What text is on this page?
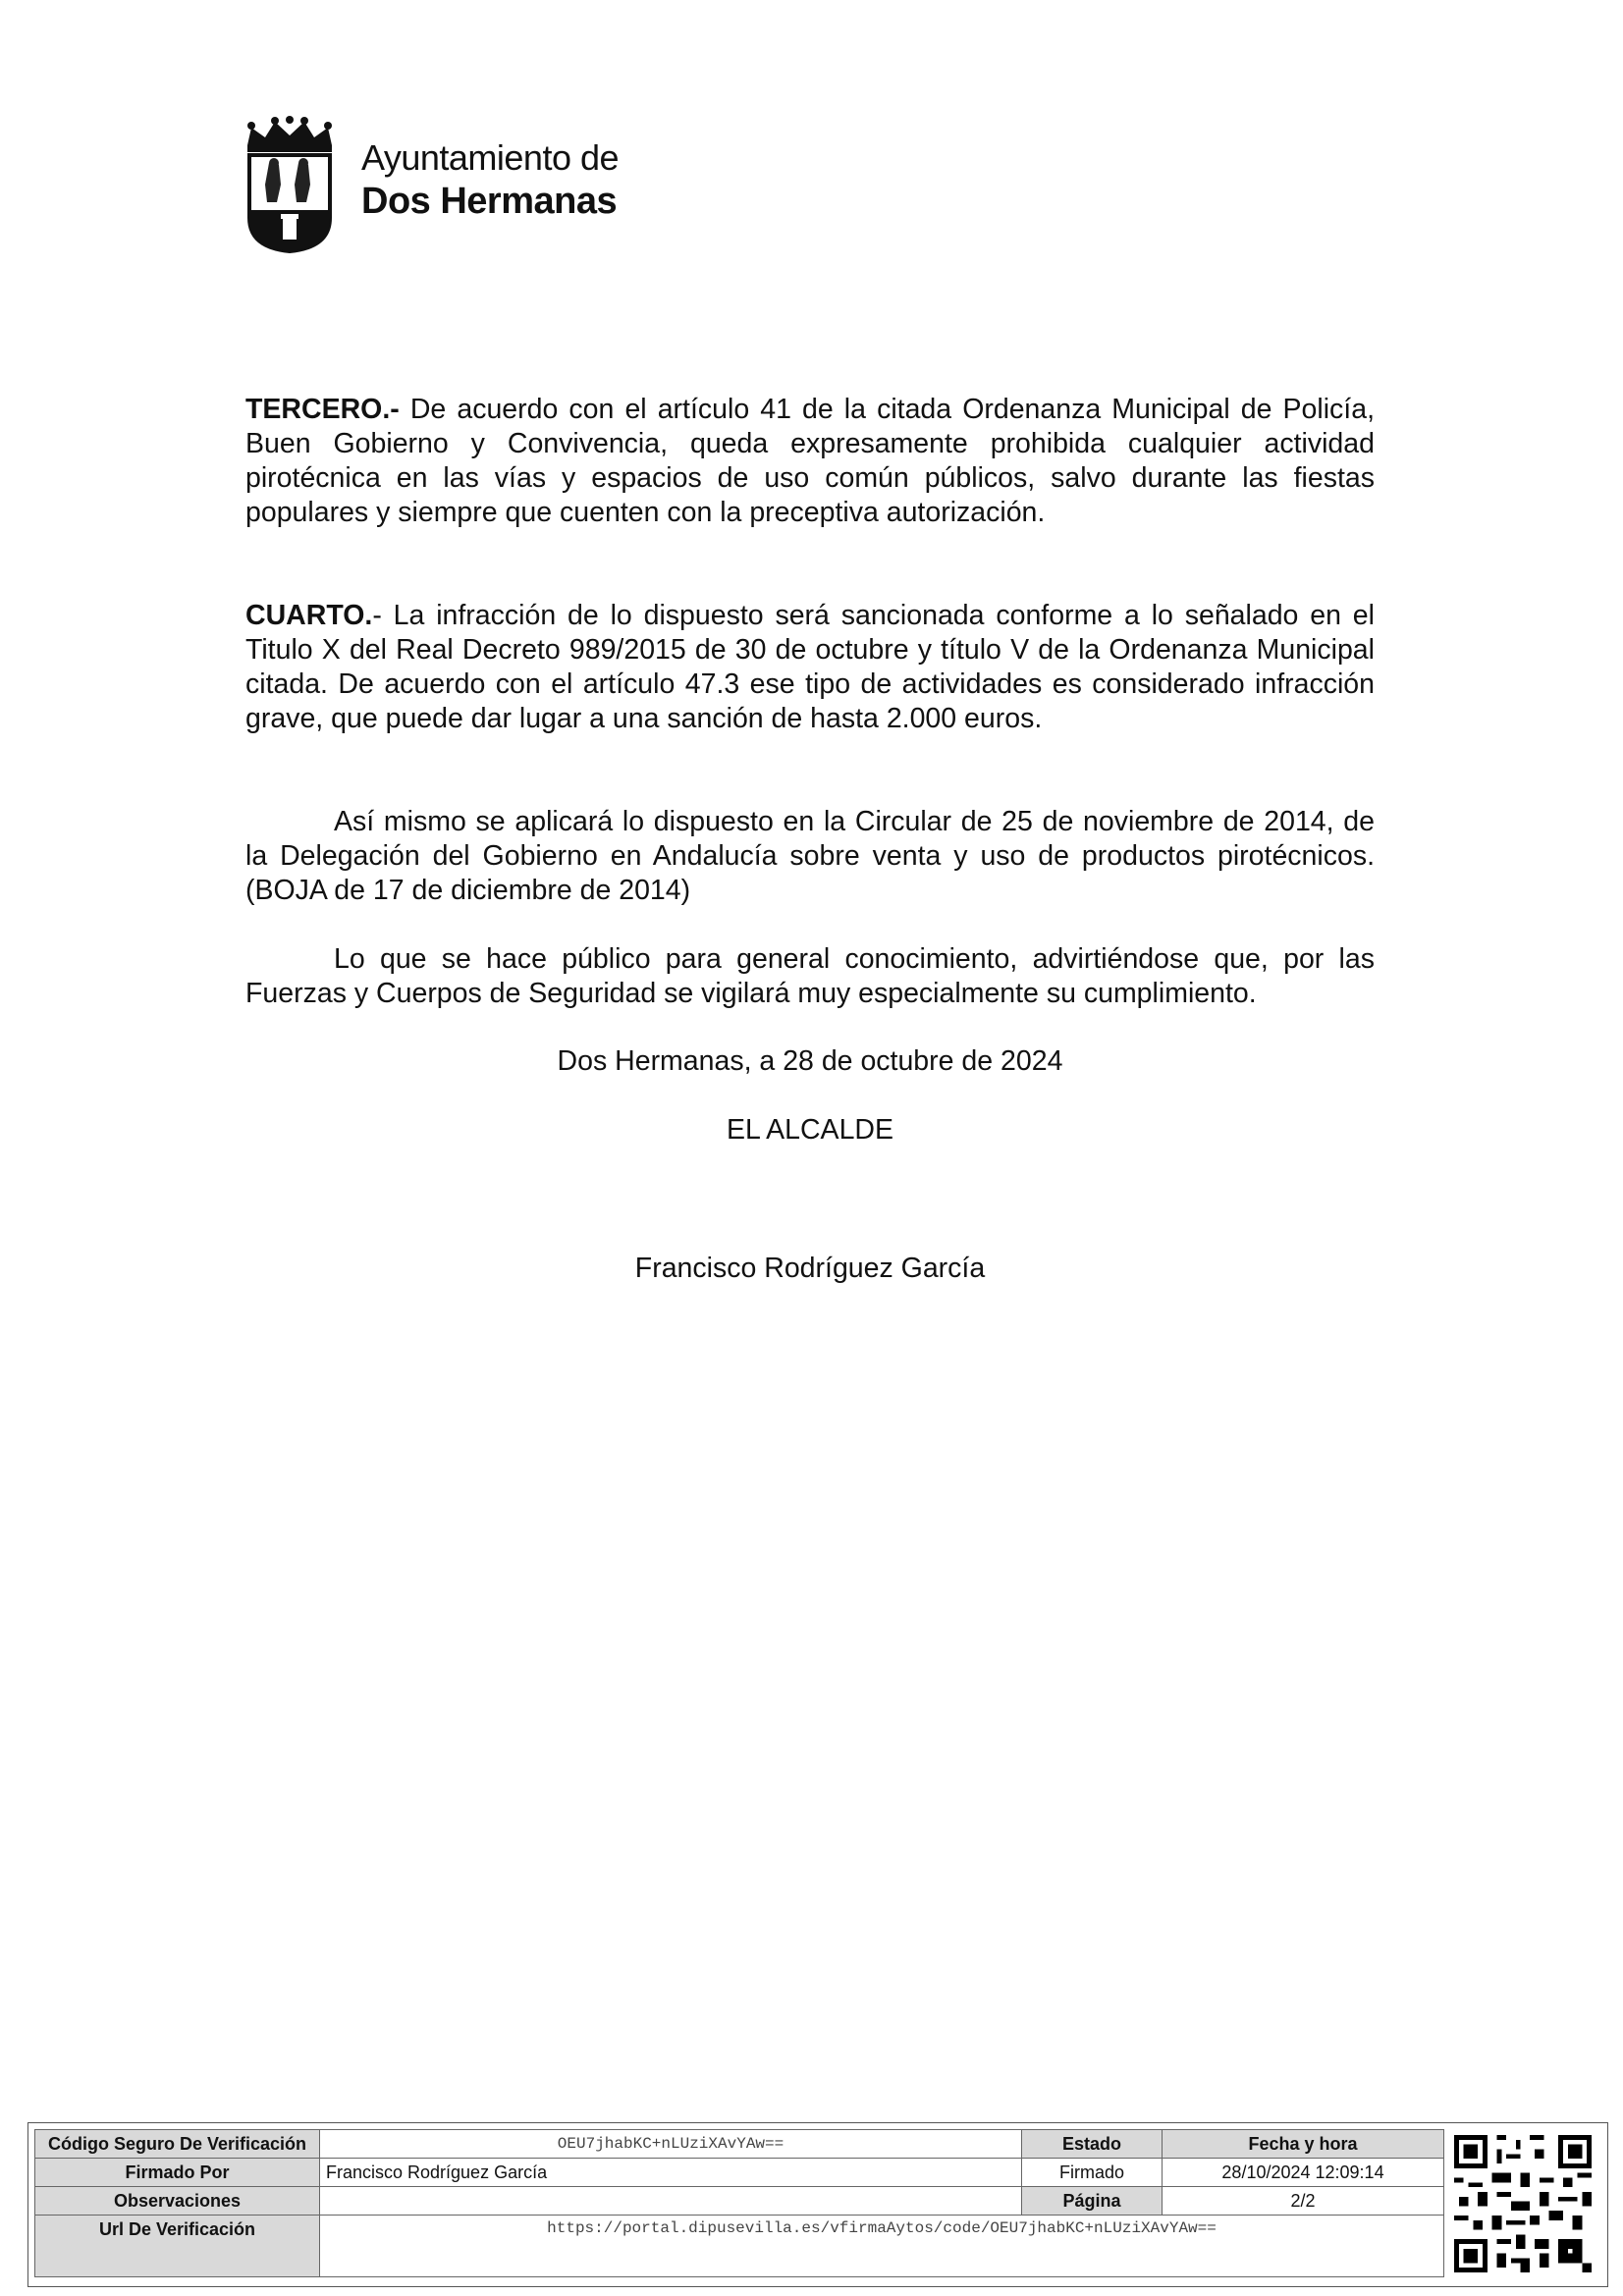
Ayuntamiento de
Dos Hermanas

TERCERO.- De acuerdo con el artículo 41 de la citada Ordenanza Municipal de Policía, Buen Gobierno y Convivencia, queda expresamente prohibida cualquier actividad pirotécnica en las vías y espacios de uso común públicos, salvo durante las fiestas populares y siempre que cuenten con la preceptiva autorización.

CUARTO.- La infracción de lo dispuesto será sancionada conforme a lo señalado en el Titulo X del Real Decreto 989/2015 de 30 de octubre y título V de la Ordenanza Municipal citada. De acuerdo con el artículo 47.3 ese tipo de actividades es considerado infracción grave, que puede dar lugar a una sanción de hasta 2.000 euros.

Así mismo se aplicará lo dispuesto en la Circular de 25 de noviembre de 2014, de la Delegación del Gobierno en Andalucía sobre venta y uso de productos pirotécnicos. (BOJA de 17 de diciembre de 2014)

Lo que se hace público para general conocimiento, advirtiéndose que, por las Fuerzas y Cuerpos de Seguridad se vigilará muy especialmente su cumplimiento.

Dos Hermanas, a 28 de octubre de 2024
EL ALCALDE
Francisco Rodríguez García
Código Seguro De Verificación	OEU7jhabKC+nLUziXAvYAw==	Estado	Fecha y hora
Firmado Por	Francisco Rodríguez García	Firmado	28/10/2024 12:09:14
Observaciones		Página	2/2
Url De Verificación	https://portal.dipusevilla.es/vfirmaAytos/code/OEU7jhabKC+nLUziXAvYAw==		
